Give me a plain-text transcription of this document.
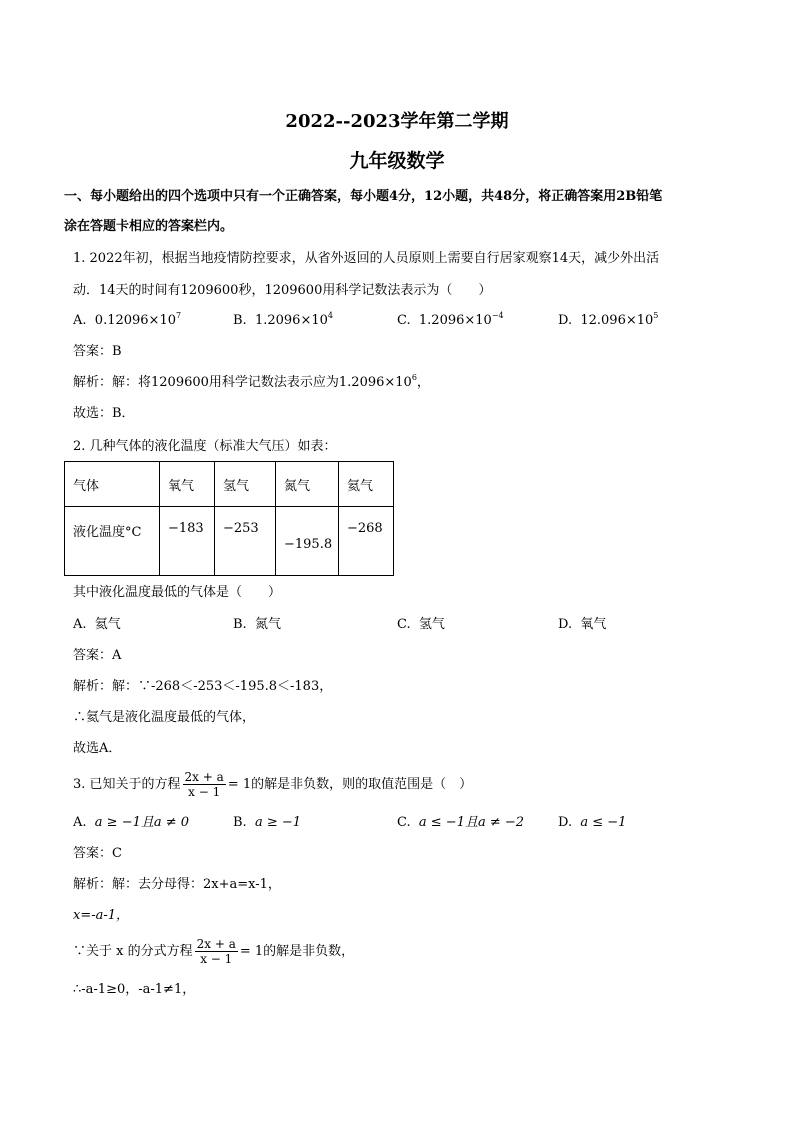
2022--2023学年第二学期
九年级数学
一、每小题给出的四个选项中只有一个正确答案，每小题4分，12小题，共48分，将正确答案用2B铅笔
涂在答题卡相应的答案栏内。
1. 2022年初，根据当地疫情防控要求，从省外返回的人员原则上需要自行居家观察14天，减少外出活
动．14天的时间有1209600秒，1209600用科学记数法表示为（　　）
A. $0.12096\times 10^7$	B. $1.2096\times 10^4$	C. $1.2096\times 10^{-4}$	D. $12.096\times 10^5$
答案：B
解析：解：将1209600用科学记数法表示应为$1.2096\times 10^6$，
故选：B．
2. 几种气体的液化温度（标准大气压）如表：
气体	氧气	氢气	氮气	氦气
液化温度°C	−183	−253	−195.8	−268
其中液化温度最低的气体是（　　）
A. 氦气	B. 氮气	C. 氢气	D. 氧气
答案：A
解析：解：∵-268＜-253＜-195.8＜-183，
∴氦气是液化温度最低的气体，
故选A．
3. 已知关于的方程 $\frac{2x + a}{x - 1} = 1$的解是非负数，则的取值范围是（　）
A. a ≥ −1且a ≠ 0	B. a ≥ −1	C. a ≤ −1且a ≠ −2	D. a ≤ −1
答案：C
解析：解：去分母得：2x+a=x-1，
x=-a-1，
∵关于 x 的分式方程 $\frac{2x + a}{x - 1} = 1$的解是非负数，
∴-a-1≥0，-a-1≠1，
